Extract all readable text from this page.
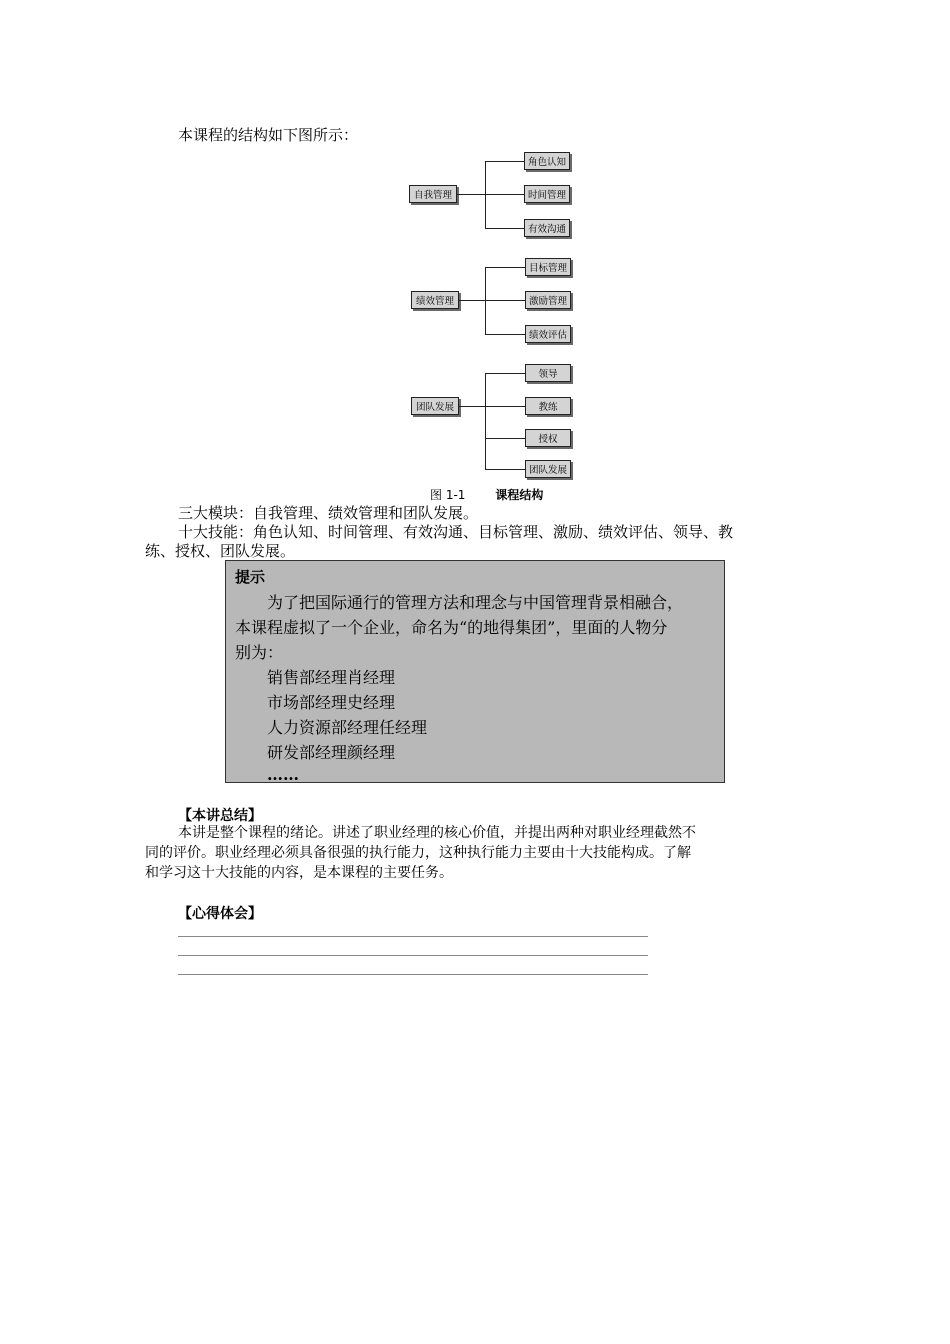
本课程的结构如下图所示：
自我管理
角色认知
时间管理
有效沟通
绩效管理
目标管理
激励管理
绩效评估
团队发展
领导
教练
授权
团队发展
图 1-1	课程结构
三大模块：自我管理、绩效管理和团队发展。
十大技能：角色认知、时间管理、有效沟通、目标管理、激励、绩效评估、领导、教
练、授权、团队发展。
提示
为了把国际通行的管理方法和理念与中国管理背景相融合，
本课程虚拟了一个企业，命名为“的地得集团”，里面的人物分
别为：
销售部经理肖经理
市场部经理史经理
人力资源部经理任经理
研发部经理颜经理
……
【本讲总结】
本讲是整个课程的绪论。讲述了职业经理的核心价值，并提出两种对职业经理截然不
同的评价。职业经理必须具备很强的执行能力，这种执行能力主要由十大技能构成。了解
和学习这十大技能的内容，是本课程的主要任务。
【心得体会】
